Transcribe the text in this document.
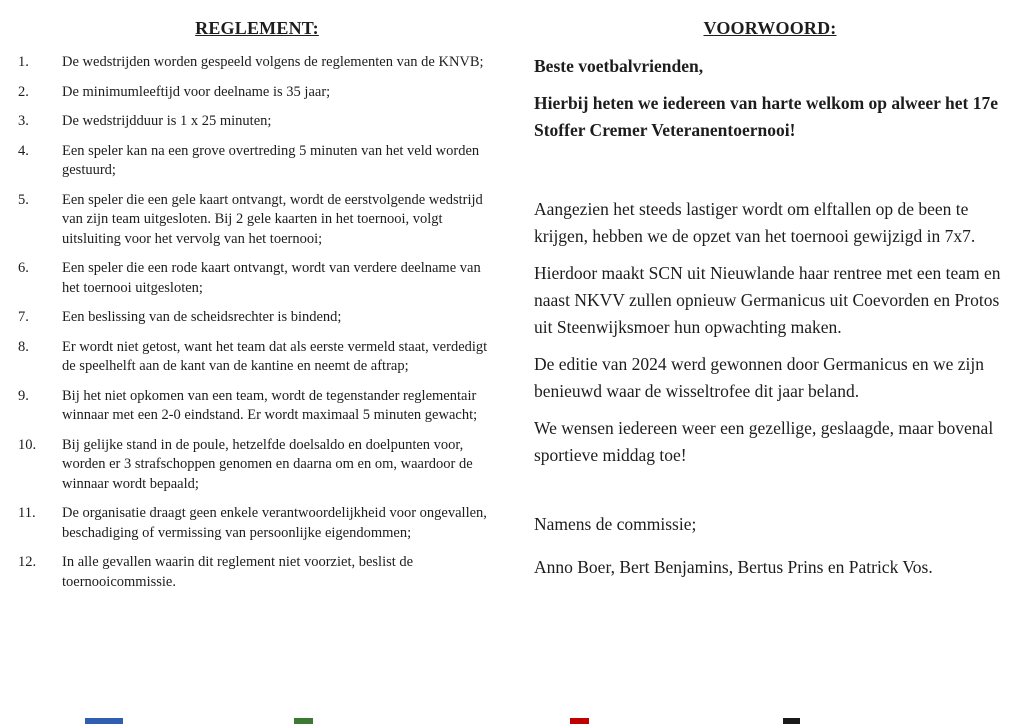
REGLEMENT:
1.	De wedstrijden worden gespeeld volgens de reglementen van de KNVB;
2.	De minimumleeftijd voor deelname is 35 jaar;
3.	De wedstrijdduur is 1 x 25 minuten;
4.	Een speler kan na een grove overtreding 5 minuten van het veld worden gestuurd;
5.	Een speler die een gele kaart ontvangt, wordt de eerstvolgende wedstrijd van zijn team uitgesloten. Bij 2 gele kaarten in het toernooi, volgt uitsluiting voor het vervolg van het toernooi;
6.	Een speler die een rode kaart ontvangt, wordt van verdere deelname van het toernooi uitgesloten;
7.	Een beslissing van de scheidsrechter is bindend;
8.	Er wordt niet getost, want het team dat als eerste vermeld staat, verdedigt de speelhelft aan de kant van de kantine en neemt de aftrap;
9.	Bij het niet opkomen van een team, wordt de tegenstander reglementair winnaar met een 2-0 eindstand. Er wordt maximaal 5 minuten gewacht;
10.	Bij gelijke stand in de poule, hetzelfde doelsaldo en doelpunten voor, worden er 3 strafschoppen genomen en daarna om en om, waardoor de winnaar wordt bepaald;
11.	De organisatie draagt geen enkele verantwoordelijkheid voor ongevallen, beschadiging of vermissing van persoonlijke eigendommen;
12.	In alle gevallen waarin dit reglement niet voorziet, beslist de toernooicommissie.
VOORWOORD:

Beste voetbalvrienden,

Hierbij heten we iedereen van harte welkom op alweer het 17e Stoffer Cremer Veteranentoernooi!

Aangezien het steeds lastiger wordt om elftallen op de been te krijgen, hebben we de opzet van het toernooi gewijzigd in 7x7.

Hierdoor maakt SCN uit Nieuwlande haar rentree met een team en naast NKVV zullen opnieuw Germanicus uit Coevorden en Protos uit Steenwijksmoer hun opwachting maken.

De editie van 2024 werd gewonnen door Germanicus en we zijn benieuwd waar de wisseltrofee dit jaar beland.

We wensen iedereen weer een gezellige, geslaagde, maar bovenal sportieve middag toe!

Namens de commissie;

Anno Boer, Bert Benjamins, Bertus Prins en Patrick Vos.
